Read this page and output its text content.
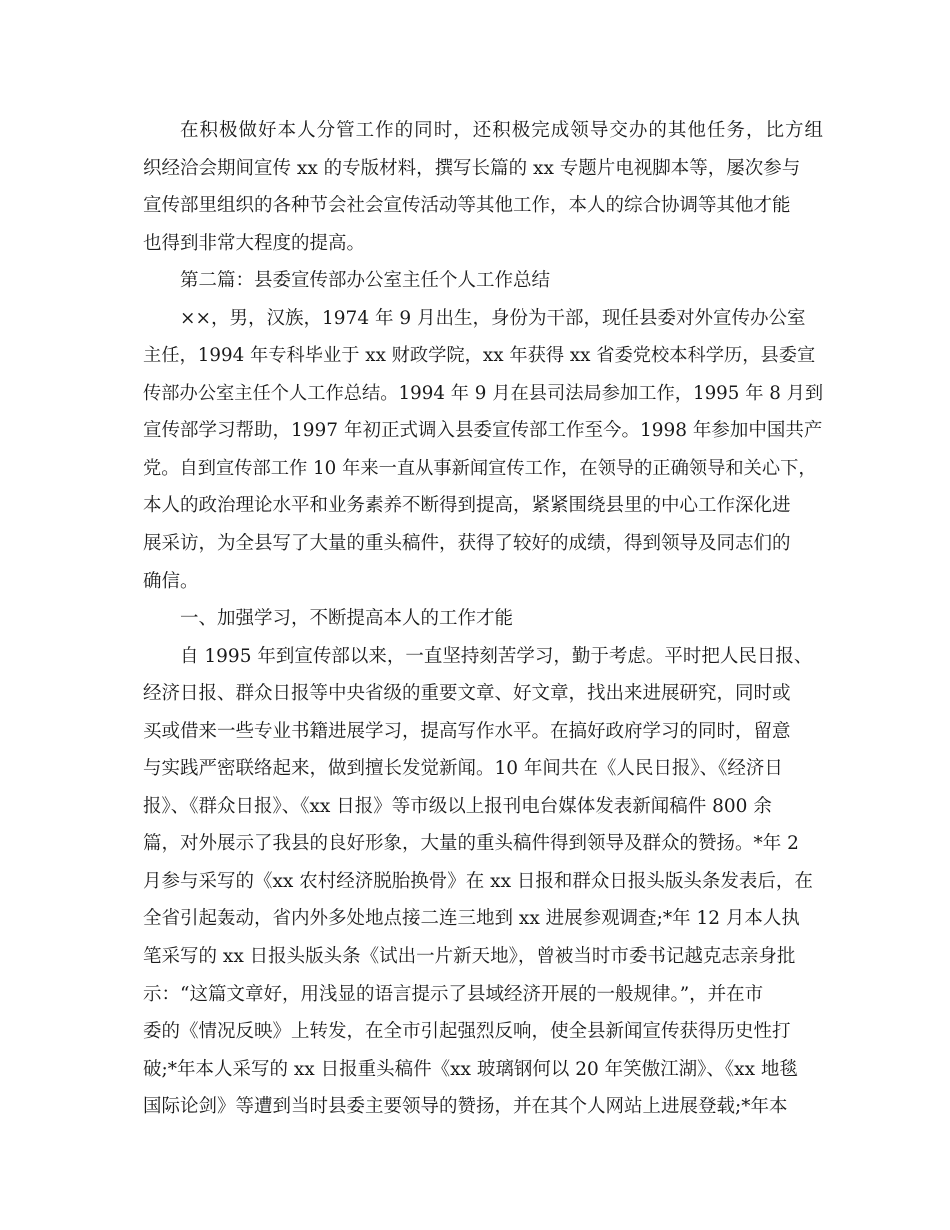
在积极做好本人分管工作的同时，还积极完成领导交办的其他任务，比方组
织经洽会期间宣传 xx 的专版材料，撰写长篇的 xx 专题片电视脚本等，屡次参与
宣传部里组织的各种节会社会宣传活动等其他工作，本人的综合协调等其他才能
也得到非常大程度的提高。
第二篇：县委宣传部办公室主任个人工作总结
××，男，汉族，1974 年 9 月出生，身份为干部，现任县委对外宣传办公室
主任，1994 年专科毕业于 xx 财政学院，xx 年获得 xx 省委党校本科学历，县委宣
传部办公室主任个人工作总结。1994 年 9 月在县司法局参加工作，1995 年 8 月到
宣传部学习帮助，1997 年初正式调入县委宣传部工作至今。1998 年参加中国共产
党。自到宣传部工作 10 年来一直从事新闻宣传工作，在领导的正确领导和关心下，
本人的政治理论水平和业务素养不断得到提高，紧紧围绕县里的中心工作深化进
展采访，为全县写了大量的重头稿件，获得了较好的成绩，得到领导及同志们的
确信。
一、加强学习，不断提高本人的工作才能
自 1995 年到宣传部以来，一直坚持刻苦学习，勤于考虑。平时把人民日报、
经济日报、群众日报等中央省级的重要文章、好文章，找出来进展研究，同时或
买或借来一些专业书籍进展学习，提高写作水平。在搞好政府学习的同时，留意
与实践严密联络起来，做到擅长发觉新闻。10 年间共在《人民日报》、《经济日
报》、《群众日报》、《xx 日报》等市级以上报刊电台媒体发表新闻稿件 800 余
篇，对外展示了我县的良好形象，大量的重头稿件得到领导及群众的赞扬。*年 2
月参与采写的《xx 农村经济脱胎换骨》在 xx 日报和群众日报头版头条发表后，在
全省引起轰动，省内外多处地点接二连三地到 xx 进展参观调查;*年 12 月本人执
笔采写的 xx 日报头版头条《试出一片新天地》，曾被当时市委书记越克志亲身批
示：“这篇文章好，用浅显的语言提示了县域经济开展的一般规律。”，并在市
委的《情况反映》上转发，在全市引起强烈反响，使全县新闻宣传获得历史性打
破;*年本人采写的 xx 日报重头稿件《xx 玻璃钢何以 20 年笑傲江湖》、《xx 地毯
国际论剑》等遭到当时县委主要领导的赞扬，并在其个人网站上进展登载;*年本
